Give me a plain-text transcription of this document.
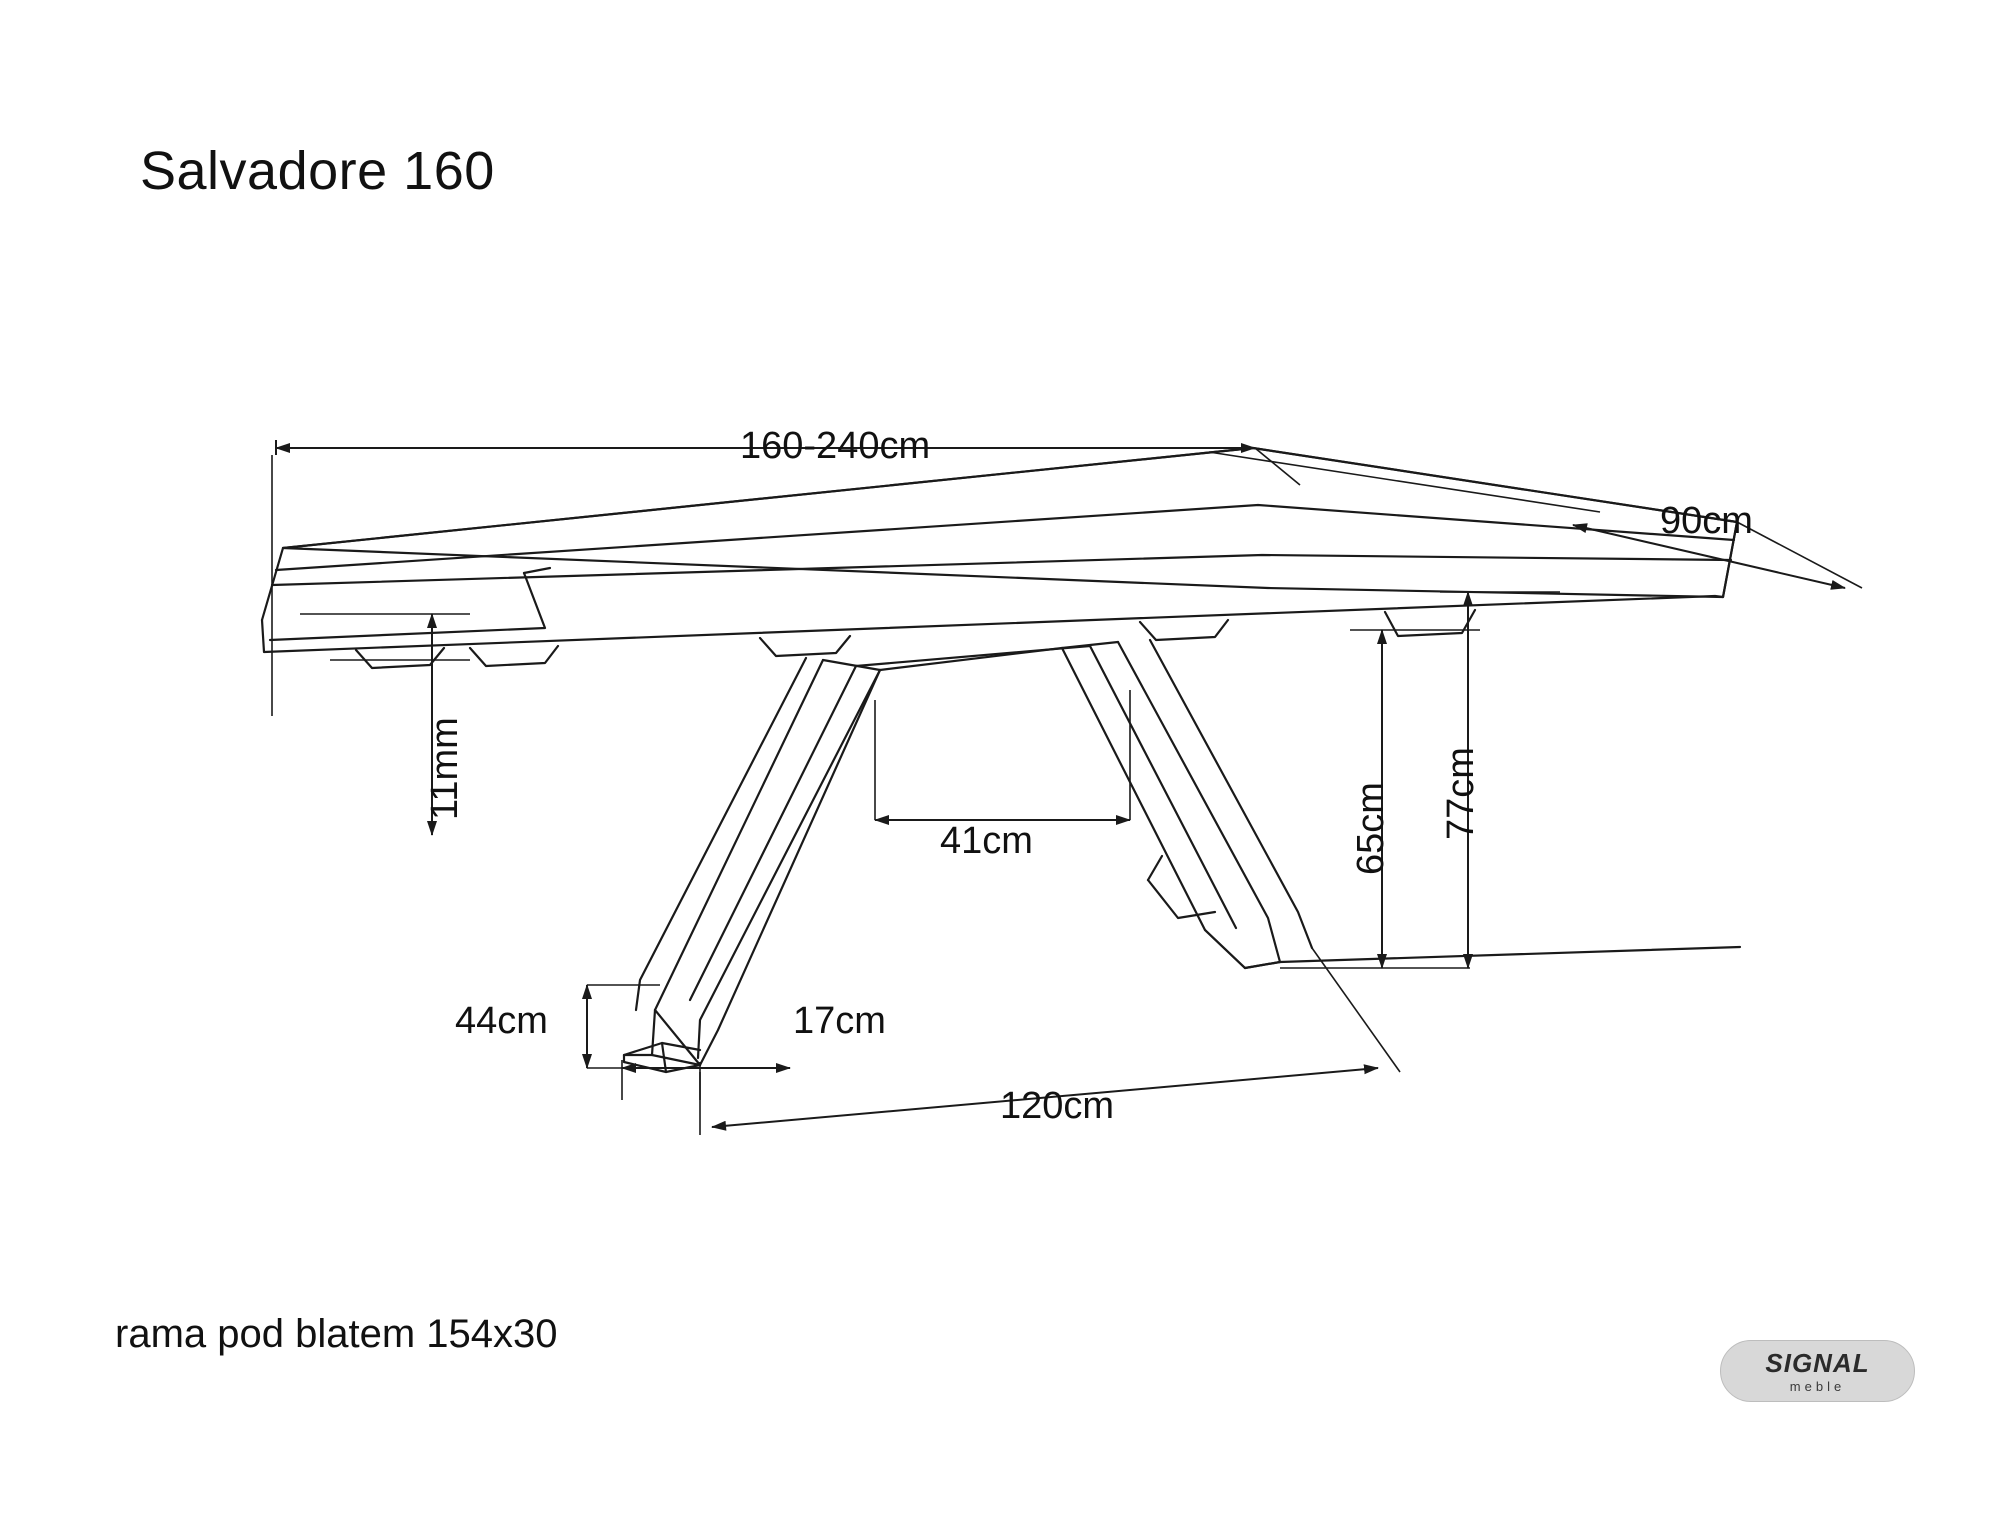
Salvadore 160
160-240cm
90cm
11mm
41cm	65cm 77cm
44cm	17cm
120cm
rama pod blatem 154x30
SIGNAL
meble
